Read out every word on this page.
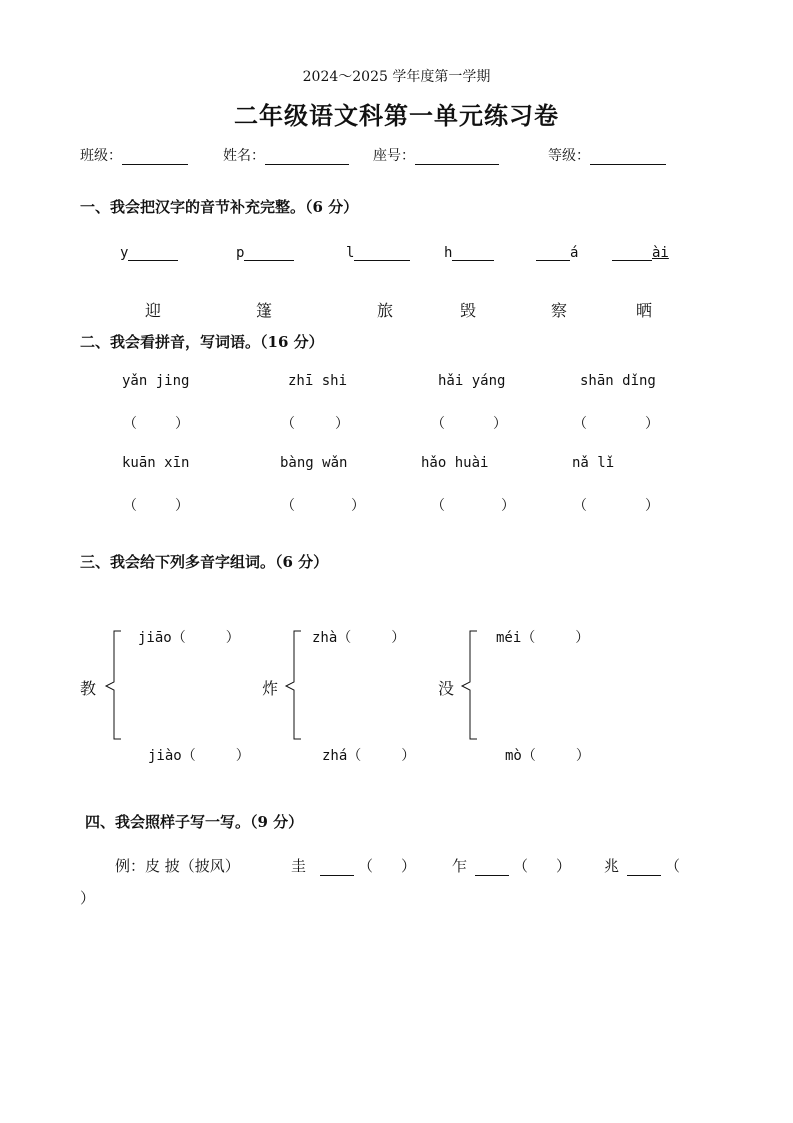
2024～2025 学年度第一学期
二年级语文科第一单元练习卷
班级：	姓名：	座号：	等级：
一、我会把汉字的音节补充完整。（6 分）
y	p	l	h	á	ài
迎	篷	旅	毁	察	晒
二、我会看拼音，写词语。（16 分）
yǎn jing	zhī shi	hǎi yáng	shān dǐng
（	）	（	）	（	）	（	）
kuān xīn	bàng wǎn	hǎo huài	nǎ lǐ
（	）	（	）	（	）	（	）
三、我会给下列多音字组词。（6 分）
教
jiāo（	）
jiào（	）
炸
zhà（	）
zhá（	）
没
méi（	）
mò（	）
四、我会照样子写一写。（9 分）
例：皮 披（披风）	圭	（ ） 乍	（ ） 兆	（
）
